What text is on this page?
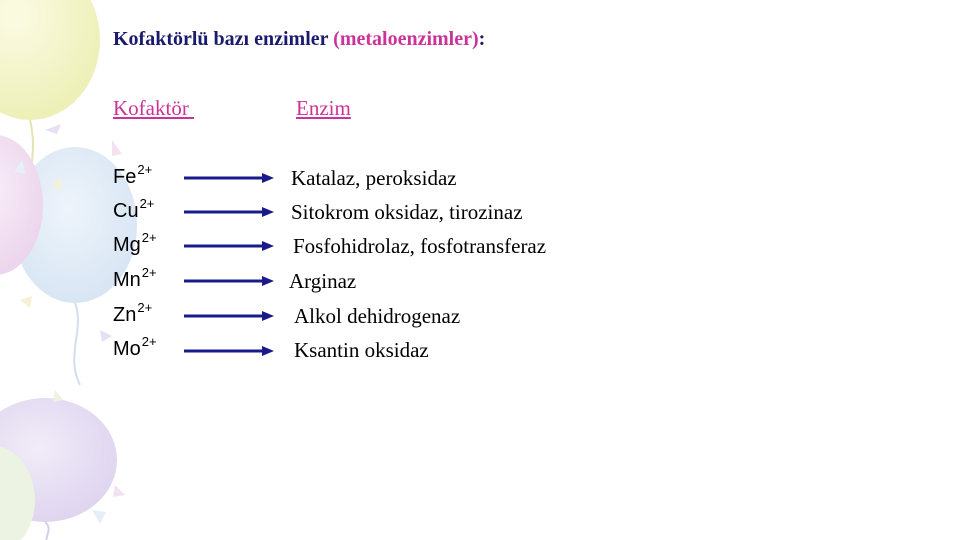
Kofaktörlü bazı enzimler (metaloenzimler):
Kofaktör	Enzim
$Fe^{2+}$	Katalaz, peroksidaz
$Cu^{2+}$	Sitokrom oksidaz, tirozinaz
$Mg^{2+}$	Fosfohidrolaz, fosfotransferaz
$Mn^{2+}$	Arginaz
$Zn^{2+}$	Alkol dehidrogenaz
$Mo^{2+}$	Ksantin oksidaz
